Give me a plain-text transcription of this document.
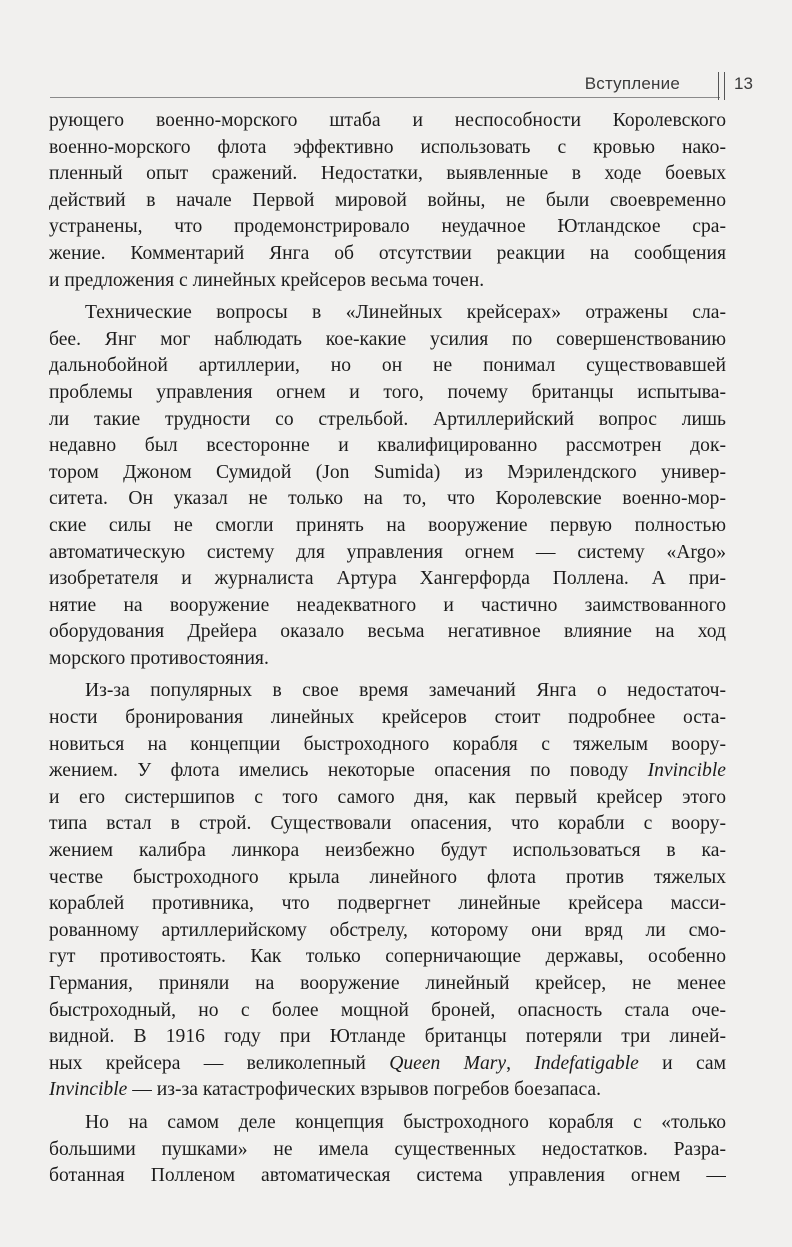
Вступление	13
рующего военно-морского штаба и неспособности Королевского
военно-морского флота эффективно использовать с кровью нако-
пленный опыт сражений. Недостатки, выявленные в ходе боевых
действий в начале Первой мировой войны, не были своевременно
устранены, что продемонстрировало неудачное Ютландское сра-
жение. Комментарий Янга об отсутствии реакции на сообщения
и предложения с линейных крейсеров весьма точен.
Технические вопросы в «Линейных крейсерах» отражены сла-
бее. Янг мог наблюдать кое-какие усилия по совершенствованию
дальнобойной артиллерии, но он не понимал существовавшей
проблемы управления огнем и того, почему британцы испытыва-
ли такие трудности со стрельбой. Артиллерийский вопрос лишь
недавно был всесторонне и квалифицированно рассмотрен док-
тором Джоном Сумидой (Jon Sumida) из Мэрилендского универ-
ситета. Он указал не только на то, что Королевские военно-мор-
ские силы не смогли принять на вооружение первую полностью
автоматическую систему для управления огнем — систему «Argo»
изобретателя и журналиста Артура Хангерфорда Поллена. А при-
нятие на вооружение неадекватного и частично заимствованного
оборудования Дрейера оказало весьма негативное влияние на ход
морского противостояния.
Из-за популярных в свое время замечаний Янга о недостаточ-
ности бронирования линейных крейсеров стоит подробнее оста-
новиться на концепции быстроходного корабля с тяжелым воору-
жением. У флота имелись некоторые опасения по поводу Invincible
и его систершипов с того самого дня, как первый крейсер этого
типа встал в строй. Существовали опасения, что корабли с воору-
жением калибра линкора неизбежно будут использоваться в ка-
честве быстроходного крыла линейного флота против тяжелых
кораблей противника, что подвергнет линейные крейсера масси-
рованному артиллерийскому обстрелу, которому они вряд ли смо-
гут противостоять. Как только соперничающие державы, особенно
Германия, приняли на вооружение линейный крейсер, не менее
быстроходный, но с более мощной броней, опасность стала оче-
видной. В 1916 году при Ютланде британцы потеряли три линей-
ных крейсера — великолепный Queen Mary, Indefatigable и сам
Invincible — из-за катастрофических взрывов погребов боезапаса.
Но на самом деле концепция быстроходного корабля с «только
большими пушками» не имела существенных недостатков. Разра-
ботанная Полленом автоматическая система управления огнем —
